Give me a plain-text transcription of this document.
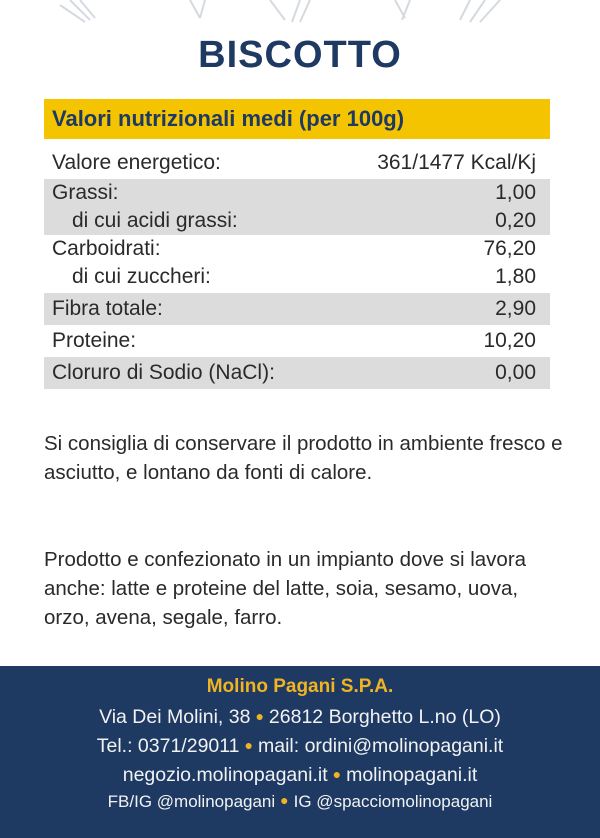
BISCOTTO
Valori nutrizionali medi (per 100g)
Valore energetico:	361/1477 Kcal/Kj
Grassi:	1,00
di cui acidi grassi:	0,20
Carboidrati:	76,20
di cui zuccheri:	1,80
Fibra totale:	2,90
Proteine:	10,20
Cloruro di Sodio (NaCl):	0,00

Si consiglia di conservare il prodotto in ambiente fresco e asciutto, e lontano da fonti di calore.

Prodotto e confezionato in un impianto dove si lavora anche: latte e proteine del latte, soia, sesamo, uova, orzo, avena, segale, farro.

Molino Pagani S.P.A.
Via Dei Molini, 38 ● 26812 Borghetto L.no (LO)
Tel.: 0371/29011 ● mail: ordini@molinopagani.it
negozio.molinopagani.it ● molinopagani.it
FB/IG @molinopagani ● IG @spacciomolinopagani
